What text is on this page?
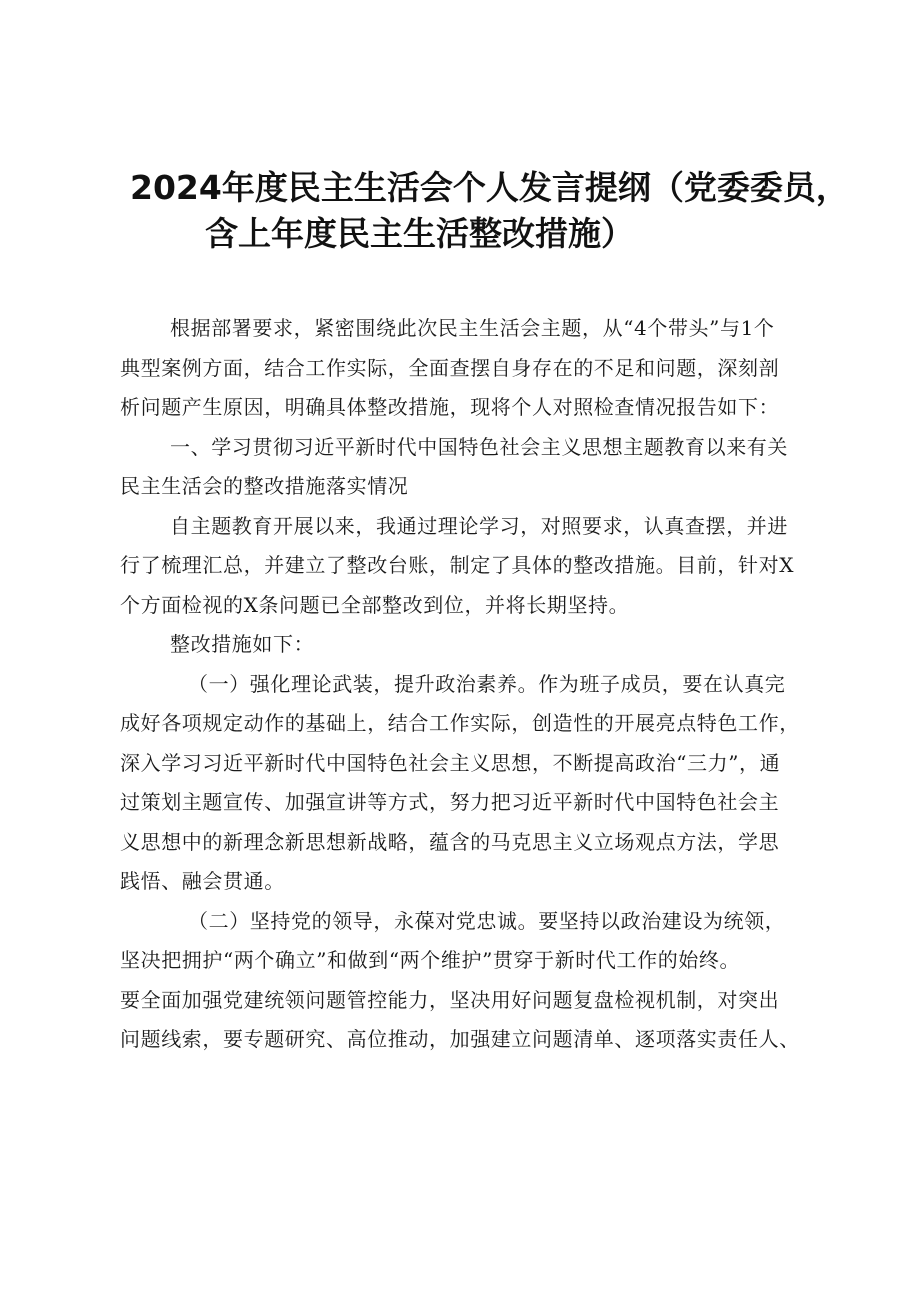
2024年度民主生活会个人发言提纲（党委委员，
含上年度民主生活整改措施）
根据部署要求，紧密围绕此次民主生活会主题，从“4个带头”与1个
典型案例方面，结合工作实际，全面查摆自身存在的不足和问题，深刻剖
析问题产生原因，明确具体整改措施，现将个人对照检查情况报告如下：
一、学习贯彻习近平新时代中国特色社会主义思想主题教育以来有关
民主生活会的整改措施落实情况
自主题教育开展以来，我通过理论学习，对照要求，认真查摆，并进
行了梳理汇总，并建立了整改台账，制定了具体的整改措施。目前，针对X
个方面检视的X条问题已全部整改到位，并将长期坚持。
整改措施如下：
（一）强化理论武装，提升政治素养。作为班子成员，要在认真完
成好各项规定动作的基础上，结合工作实际，创造性的开展亮点特色工作，
深入学习习近平新时代中国特色社会主义思想，不断提高政治“三力”，通
过策划主题宣传、加强宣讲等方式，努力把习近平新时代中国特色社会主
义思想中的新理念新思想新战略，蕴含的马克思主义立场观点方法，学思
践悟、融会贯通。
（二）坚持党的领导，永葆对党忠诚。要坚持以政治建设为统领，
坚决把拥护“两个确立”和做到“两个维护”贯穿于新时代工作的始终。
要全面加强党建统领问题管控能力，坚决用好问题复盘检视机制，对突出
问题线索，要专题研究、高位推动，加强建立问题清单、逐项落实责任人、
